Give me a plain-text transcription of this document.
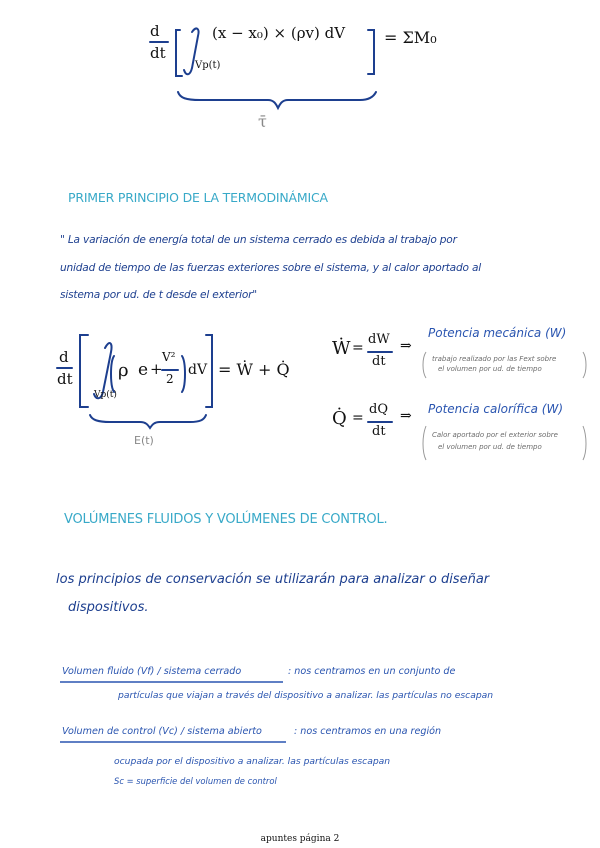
d
dt
(x − x₀) × (ρv) dV
Vp(t)
= ΣM₀
τ̄
PRIMER PRINCIPIO DE LA TERMODINÁMICA
" La variación de energía total de un sistema cerrado es debida al trabajo por
unidad de tiempo de las fuerzas exteriores sobre el sistema, y al calor aportado al
sistema por ud. de t desde el exterior"
d
dt	ρ e +
V²
2
dV
Vp(t)
= Ẇ + Q̇
E(t)
Ẇ =
dW
dt
⇒
Potencia mecánica (W)
trabajo realizado por las Fext sobre
el volumen por ud. de tiempo
Q̇ =
dQ
dt
⇒ Potencia calorífica (W)
Calor aportado por el exterior sobre
el volumen por ud. de tiempo
VOLÚMENES FLUIDOS Y VOLÚMENES DE CONTROL.
los principios de conservación se utilizarán para analizar o diseñar
dispositivos.
Volumen fluido (Vf) / sistema cerrado	: nos centramos en un conjunto de
partículas que viajan a través del dispositivo a analizar. las partículas no escapan
Volumen de control (Vc) / sistema abierto	: nos centramos en una región
ocupada por el dispositivo a analizar. las partículas escapan
Sc = superficie del volumen de control
apuntes página 2
